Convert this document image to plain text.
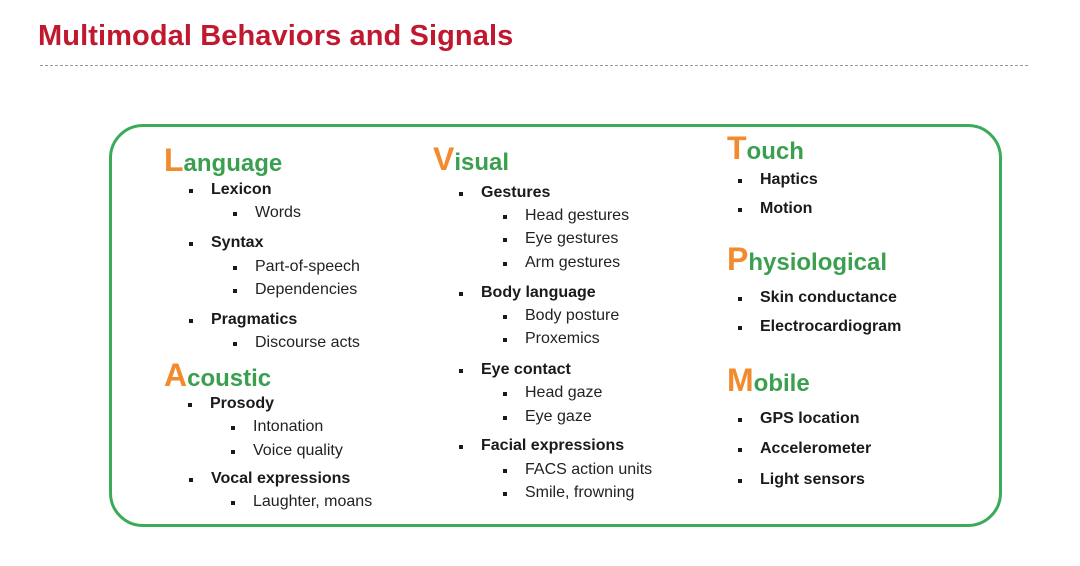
Multimodal Behaviors and Signals
Language
Lexicon
Words
Syntax
Part-of-speech
Dependencies
Pragmatics
Discourse acts
Acoustic
Prosody
Intonation
Voice quality
Vocal expressions
Laughter, moans
Visual
Gestures
Head gestures
Eye gestures
Arm gestures
Body language
Body posture
Proxemics
Eye contact
Head gaze
Eye gaze
Facial expressions
FACS action units
Smile, frowning
Touch
Haptics
Motion
Physiological
Skin conductance
Electrocardiogram
Mobile
GPS location
Accelerometer
Light sensors
